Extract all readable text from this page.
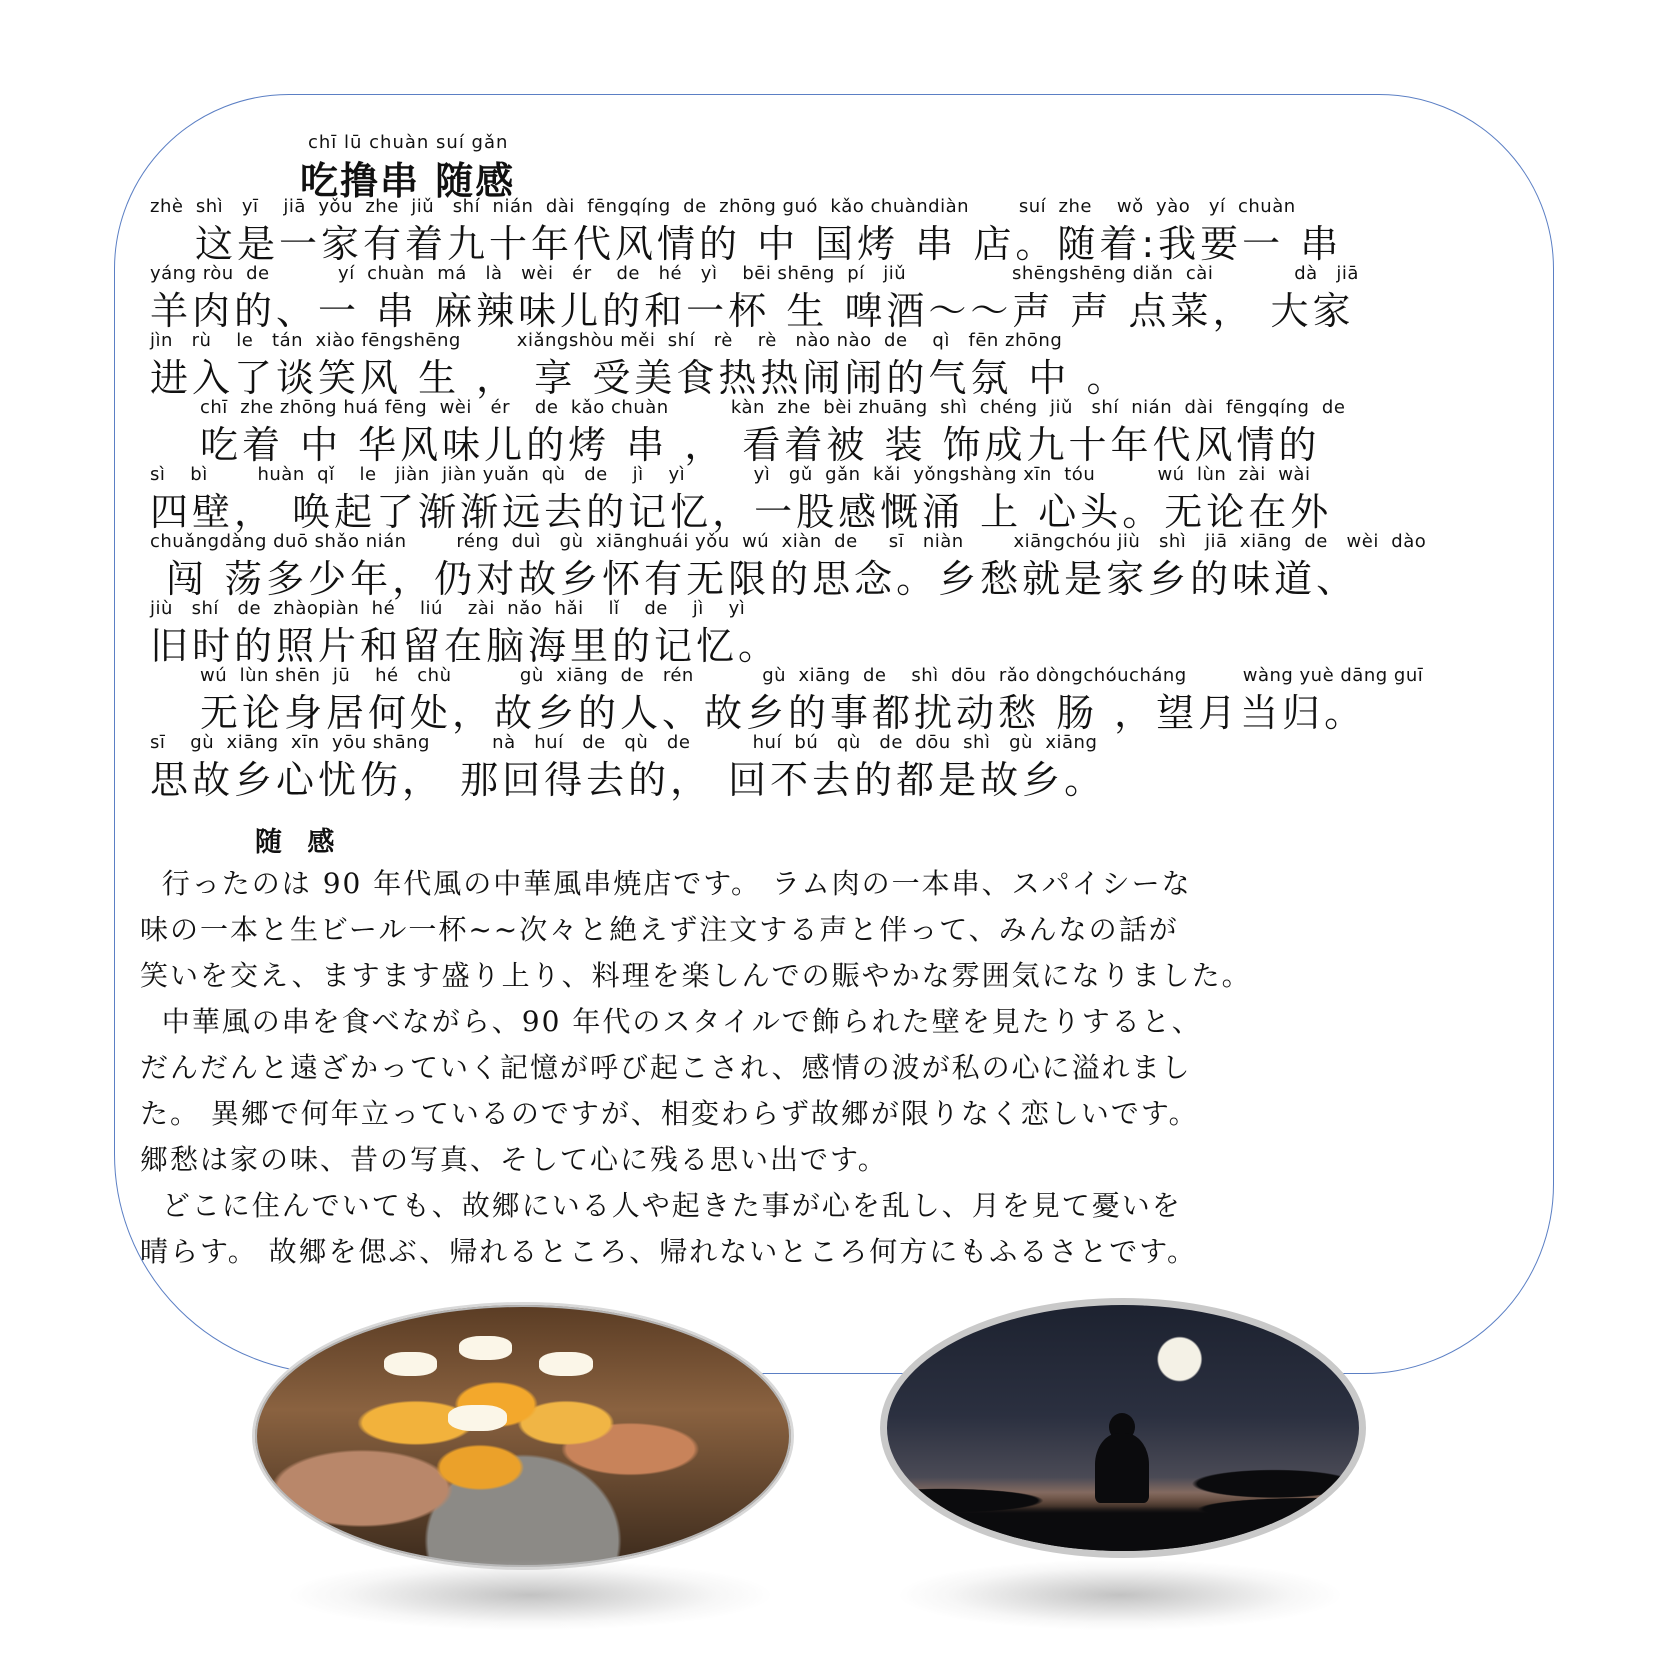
chī lū chuàn suí gǎn
吃撸串 随感
zhè  shì   yī    jiā  yǒu  zhe  jiǔ   shí  nián  dài  fēngqíng  de  zhōng guó  kǎo chuàndiàn        suí  zhe    wǒ  yào   yí  chuàn
这是一家有着九十年代风情的 中 国烤 串 店。随着:我要一 串
yáng ròu  de           yí  chuàn  má   là   wèi   ér    de   hé   yì    bēi shēng  pí   jiǔ                 shēngshēng diǎn  cài             dà   jiā
羊肉的、一 串 麻辣味儿的和一杯 生 啤酒～～声 声 点菜， 大家
jìn   rù    le   tán  xiào fēngshēng         xiǎngshòu měi  shí   rè    rè   nào nào  de    qì   fēn zhōng
进入了谈笑风 生 ， 享 受美食热热闹闹的气氛 中 。
chī  zhe zhōng huá fēng  wèi   ér    de  kǎo chuàn          kàn  zhe  bèi zhuāng  shì  chéng  jiǔ   shí  nián  dài  fēngqíng  de
吃着 中 华风味儿的烤 串 ， 看着被 装 饰成九十年代风情的
sì    bì        huàn  qǐ    le   jiàn  jiàn yuǎn  qù   de    jì    yì           yì   gǔ  gǎn  kǎi  yǒngshàng xīn  tóu          wú  lùn  zài  wài
四壁， 唤起了渐渐远去的记忆，一股感慨涌 上 心头。无论在外
chuǎngdàng duō shǎo nián        réng  duì   gù  xiānghuái yǒu  wú  xiàn  de     sī   niàn        xiāngchóu jiù   shì   jiā  xiāng  de   wèi  dào
闯 荡多少年，仍对故乡怀有无限的思念。乡愁就是家乡的味道、
jiù   shí   de  zhàopiàn  hé    liú    zài  nǎo  hǎi    lǐ    de    jì    yì
旧时的照片和留在脑海里的记忆。
wú  lùn shēn  jū    hé   chù           gù  xiāng  de   rén           gù  xiāng  de    shì  dōu  rǎo dòngchóucháng         wàng yuè dāng guī
无论身居何处，故乡的人、故乡的事都扰动愁 肠 ，望月当归。
sī    gù  xiāng  xīn  yōu shāng          nà   huí   de   qù   de          huí  bú   qù   de  dōu  shì   gù  xiāng
思故乡心忧伤， 那回得去的， 回不去的都是故乡。
随 感
行ったのは 90 年代風の中華風串焼店です。 ラム肉の一本串、スパイシーな
味の一本と生ビール一杯~~次々と絶えず注文する声と伴って、みんなの話が
笑いを交え、ますます盛り上り、料理を楽しんでの賑やかな雰囲気になりました。
中華風の串を食べながら、90 年代のスタイルで飾られた壁を見たりすると、
だんだんと遠ざかっていく記憶が呼び起こされ、感情の波が私の心に溢れまし
た。 異郷で何年立っているのですが、相変わらず故郷が限りなく恋しいです。
郷愁は家の味、昔の写真、そして心に残る思い出です。
どこに住んでいても、故郷にいる人や起きた事が心を乱し、月を見て憂いを
晴らす。 故郷を偲ぶ、帰れるところ、帰れないところ何方にもふるさとです。
